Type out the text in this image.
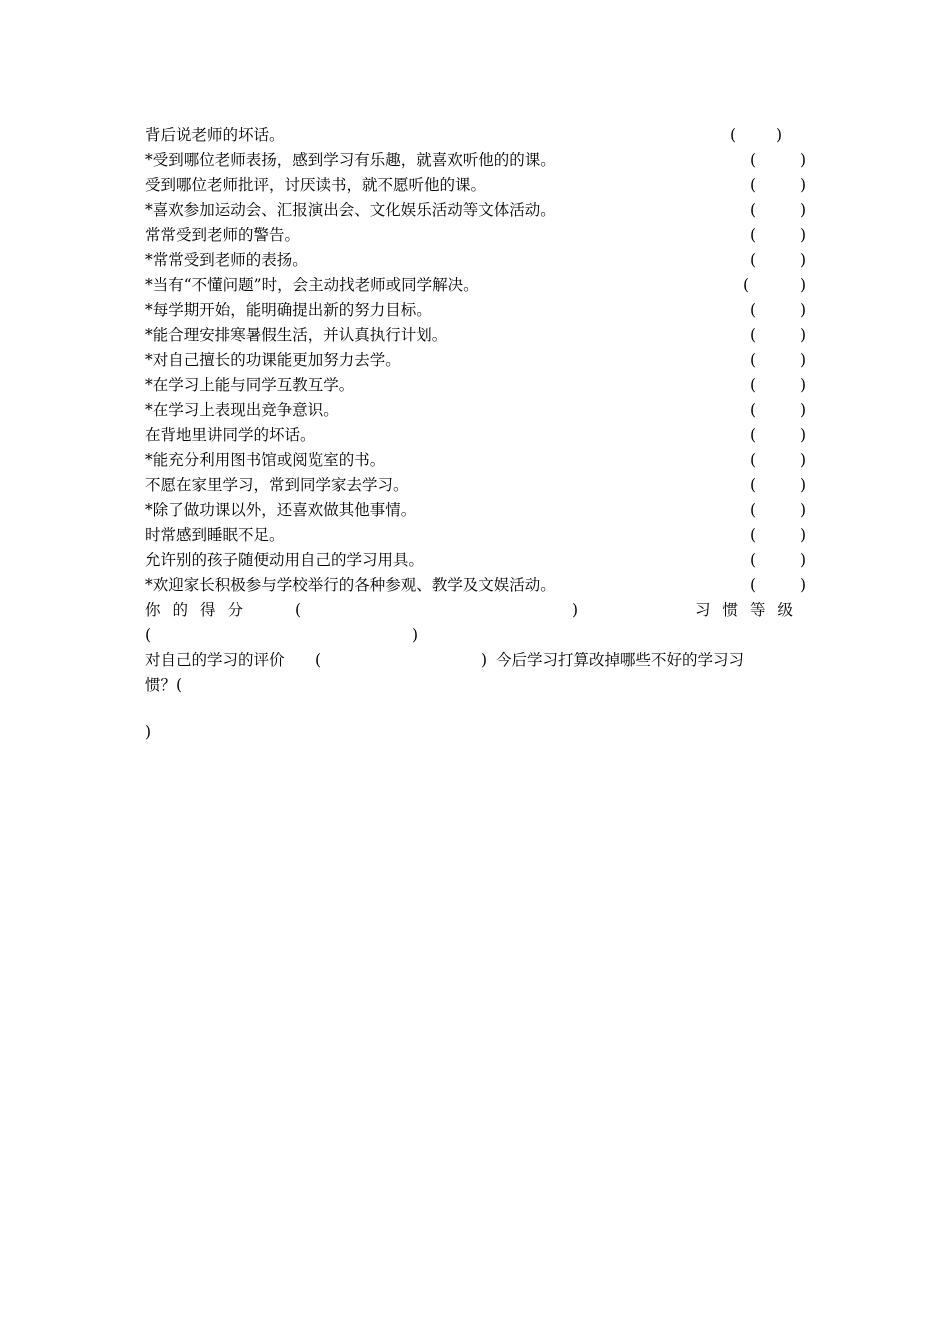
背后说老师的坏话。	(	)
*受到哪位老师表扬，感到学习有乐趣，就喜欢听他的的课。	(	)
受到哪位老师批评，讨厌读书，就不愿听他的课。	(	)
*喜欢参加运动会、汇报演出会、文化娱乐活动等文体活动。	(	)
常常受到老师的警告。	(	)
*常常受到老师的表扬。	(	)
*当有“不懂问题”时，会主动找老师或同学解决。	(	)
*每学期开始，能明确提出新的努力目标。	(	)
*能合理安排寒暑假生活，并认真执行计划。	(	)
*对自己擅长的功课能更加努力去学。	(	)
*在学习上能与同学互教互学。	(	)
*在学习上表现出竞争意识。	(	)
在背地里讲同学的坏话。	(	)
*能充分利用图书馆或阅览室的书。	(	)
不愿在家里学习，常到同学家去学习。	(	)
*除了做功课以外，还喜欢做其他事情。	(	)
时常感到睡眠不足。	(	)
允许别的孩子随便动用自己的学习用具。	(	)
*欢迎家长积极参与学校举行的各种参观、教学及文娱活动。	(	)
你的得分	(	)	习惯等级
(	)
对自己的学习的评价 (	) 今后学习打算改掉哪些不好的学习习
惯？(
)
